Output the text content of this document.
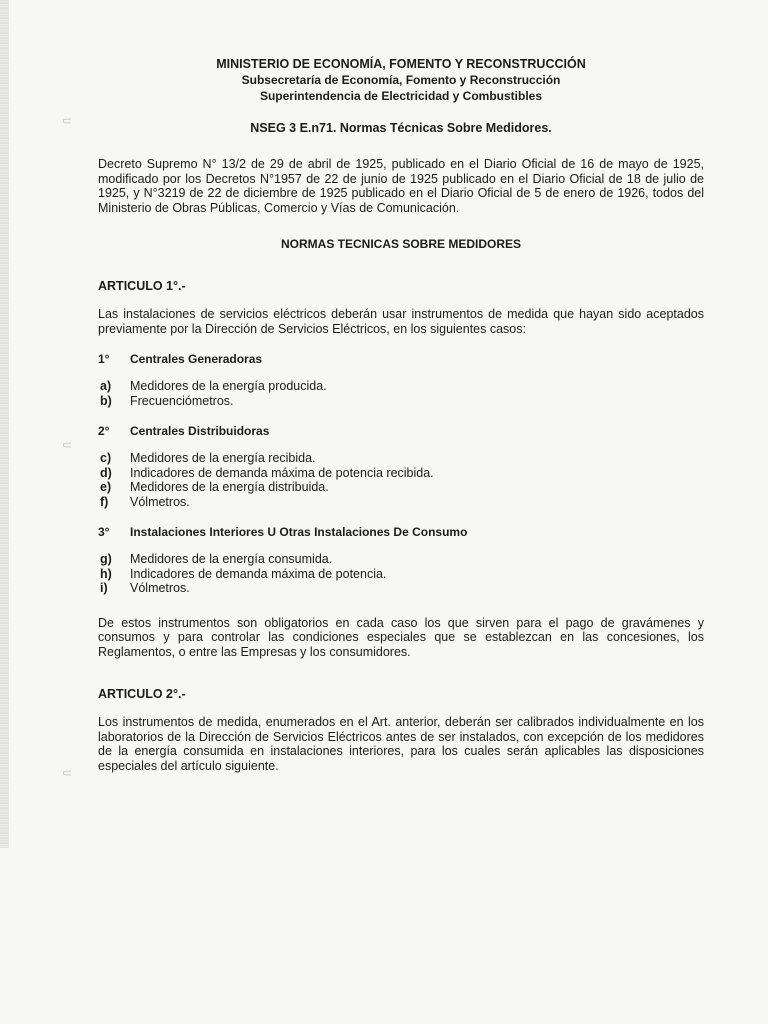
⸦
⸦
⸦
MINISTERIO DE ECONOMÍA, FOMENTO Y RECONSTRUCCIÓN
Subsecretaría de Economía, Fomento y Reconstrucción
Superintendencia de Electricidad y Combustibles
NSEG 3 E.n71. Normas Técnicas Sobre Medidores.

Decreto Supremo N° 13/2 de 29 de abril de 1925, publicado en el Diario Oficial de 16 de mayo de 1925, modificado por los Decretos N°1957 de 22 de junio de 1925 publicado en el Diario Oficial de 18 de julio de 1925, y N°3219 de 22 de diciembre de 1925 publicado en el Diario Oficial de 5 de enero de 1926, todos del Ministerio de Obras Públicas, Comercio y Vías de Comunicación.

NORMAS TECNICAS SOBRE MEDIDORES
ARTICULO 1°.-

Las instalaciones de servicios eléctricos deberán usar instrumentos de medida que hayan sido aceptados previamente por la Dirección de Servicios Eléctricos, en los siguientes casos:

1°	Centrales Generadoras
a)	Medidores de la energía producida.
b)	Frecuenciómetros.
2°	Centrales Distribuidoras
c)	Medidores de la energía recibida.
d)	Indicadores de demanda máxima de potencia recibida.
e)	Medidores de la energía distribuida.
f)	Vólmetros.
3°	Instalaciones Interiores U Otras Instalaciones De Consumo
g)	Medidores de la energía consumida.
h)	Indicadores de demanda máxima de potencia.
i)	Vólmetros.

De estos instrumentos son obligatorios en cada caso los que sirven para el pago de gravámenes y consumos y para controlar las condiciones especiales que se establezcan en las concesiones, los Reglamentos, o entre las Empresas y los consumidores.

ARTICULO 2°.-

Los instrumentos de medida, enumerados en el Art. anterior, deberán ser calibrados individualmente en los laboratorios de la Dirección de Servicios Eléctricos antes de ser instalados, con excepción de los medidores de la energía consumida en instalaciones interiores, para los cuales serán aplicables las disposiciones especiales del artículo siguiente.
